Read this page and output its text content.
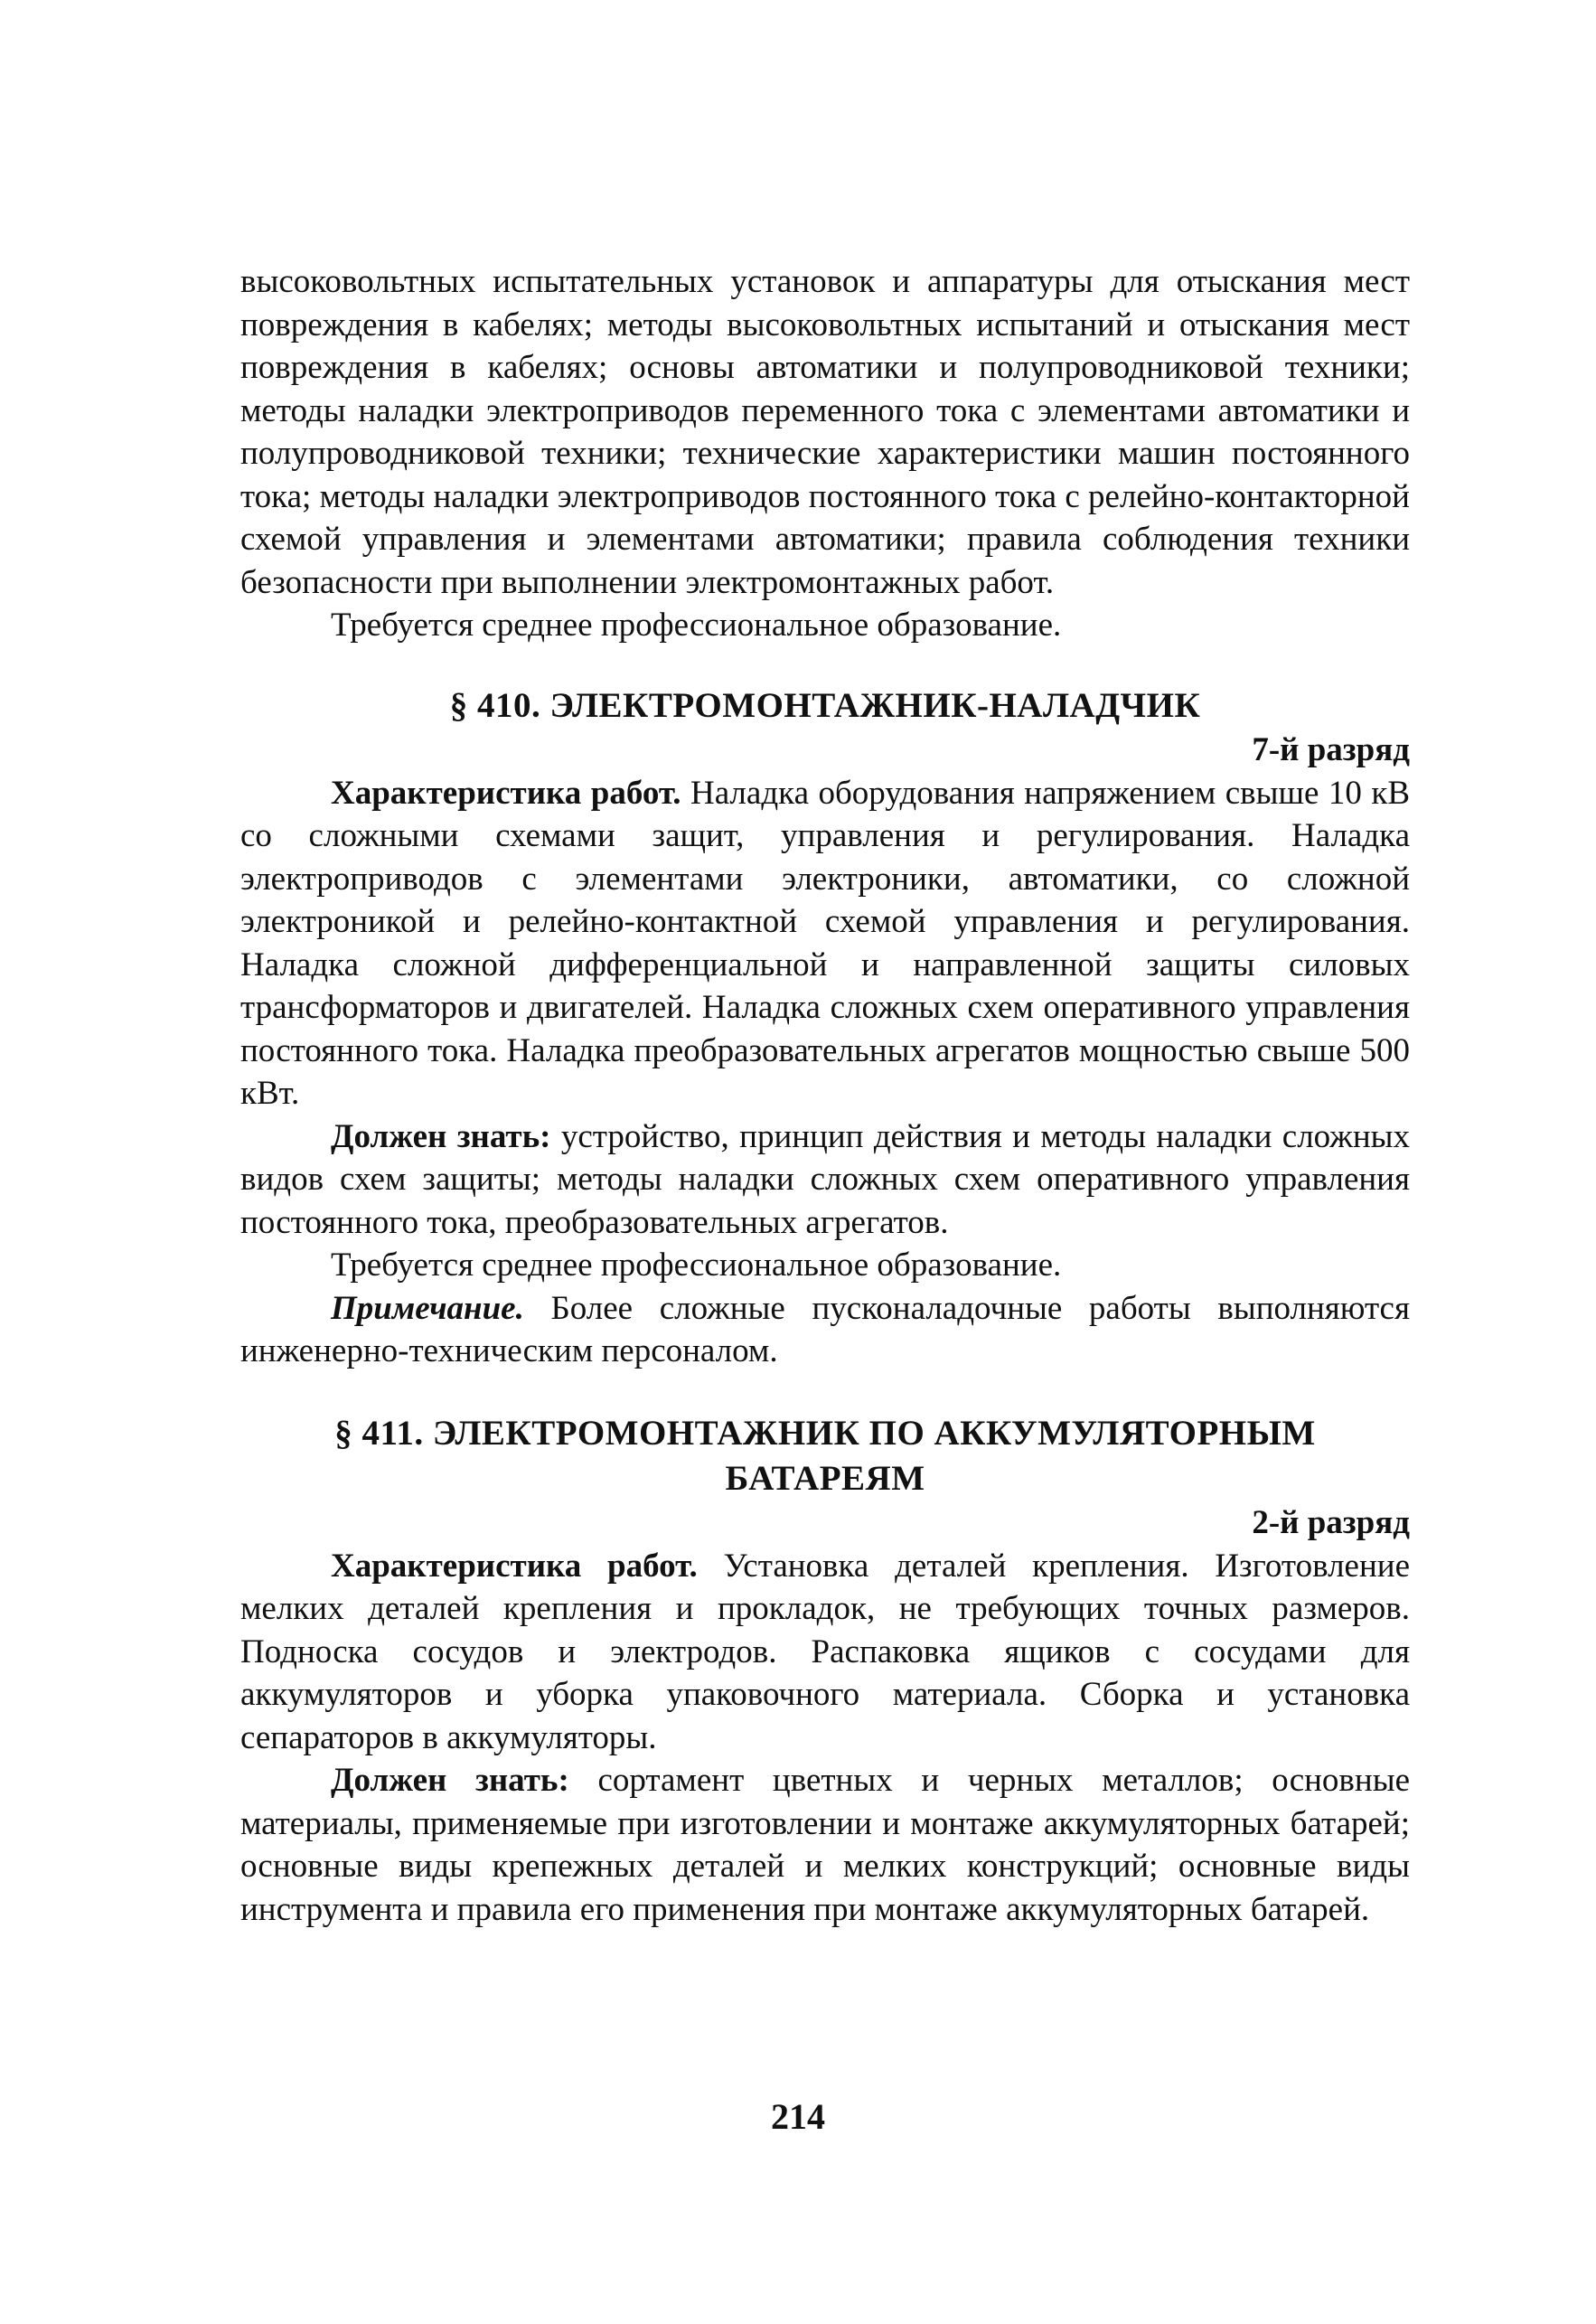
высоковольтных испытательных установок и аппаратуры для отыскания мест повреждения в кабелях; методы высоковольтных испытаний и отыскания мест повреждения в кабелях; основы автоматики и полупроводниковой техники; методы наладки электроприводов переменного тока с элементами автоматики и полупроводниковой техники; технические характеристики машин постоянного тока; методы наладки электроприводов постоянного тока с релейно-контакторной схемой управления и элементами автоматики; правила соблюдения техники безопасности при выполнении электромонтажных работ.

Требуется среднее профессиональное образование.

§ 410. ЭЛЕКТРОМОНТАЖНИК-НАЛАДЧИК
7-й разряд

Характеристика работ. Наладка оборудования напряжением свыше 10 кВ со сложными схемами защит, управления и регулирования. Наладка электроприводов с элементами электроники, автоматики, со сложной электроникой и релейно-контактной схемой управления и регулирования. Наладка сложной дифференциальной и направленной защиты силовых трансформаторов и двигателей. Наладка сложных схем оперативного управления постоянного тока. Наладка преобразовательных агрегатов мощностью свыше 500 кВт.

Должен знать: устройство, принцип действия и методы наладки сложных видов схем защиты; методы наладки сложных схем оперативного управления постоянного тока, преобразовательных агрегатов.

Требуется среднее профессиональное образование.

Примечание. Более сложные пусконаладочные работы выполняются инженерно-техническим персоналом.

§ 411. ЭЛЕКТРОМОНТАЖНИК ПО АККУМУЛЯТОРНЫМ
БАТАРЕЯМ
2-й разряд

Характеристика работ. Установка деталей крепления. Изготовление мелких деталей крепления и прокладок, не требующих точных размеров. Подноска сосудов и электродов. Распаковка ящиков с сосудами для аккумуляторов и уборка упаковочного материала. Сборка и установка сепараторов в аккумуляторы.

Должен знать: сортамент цветных и черных металлов; основные материалы, применяемые при изготовлении и монтаже аккумуляторных батарей; основные виды крепежных деталей и мелких конструкций; основные виды инструмента и правила его применения при монтаже аккумуляторных батарей.

214
